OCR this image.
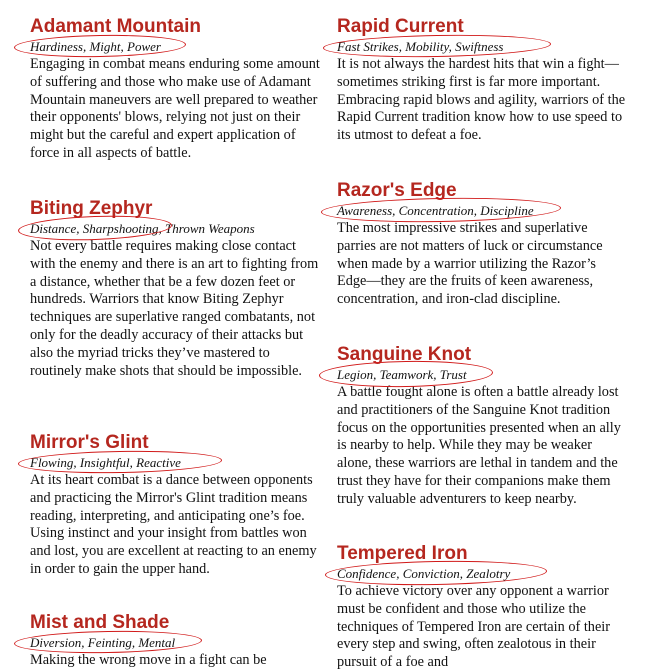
Adamant Mountain
Hardiness, Might, Power

Engaging in combat means enduring some amount of suffering and those who make use of Adamant Mountain maneuvers are well prepared to weather their opponents' blows, relying not just on their might but the careful and expert application of force in all aspects of battle.

Biting Zephyr
Distance, Sharpshooting, Thrown Weapons

Not every battle requires making close contact with the enemy and there is an art to fighting from a distance, whether that be a few dozen feet or hundreds. Warriors that know Biting Zephyr techniques are superlative ranged combatants, not only for the deadly accuracy of their attacks but also the myriad tricks they’ve mastered to routinely make shots that should be impossible.

Mirror's Glint
Flowing, Insightful, Reactive

At its heart combat is a dance between opponents and practicing the Mirror's Glint tradition means reading, interpreting, and anticipating one’s foe. Using instinct and your insight from battles won and lost, you are excellent at reacting to an enemy in order to gain the upper hand.

Mist and Shade
Diversion, Feinting, Mental

Making the wrong move in a fight can be

Rapid Current
Fast Strikes, Mobility, Swiftness

It is not always the hardest hits that win a fight—sometimes striking first is far more important. Embracing rapid blows and agility, warriors of the Rapid Current tradition know how to use speed to its utmost to defeat a foe.

Razor's Edge
Awareness, Concentration, Discipline

The most impressive strikes and superlative parries are not matters of luck or circumstance when made by a warrior utilizing the Razor’s Edge—they are the fruits of keen awareness, concentration, and iron-clad discipline.

Sanguine Knot
Legion, Teamwork, Trust

A battle fought alone is often a battle already lost and practitioners of the Sanguine Knot tradition focus on the opportunities presented when an ally is nearby to help. While they may be weaker alone, these warriors are lethal in tandem and the trust they have for their companions make them truly valuable adventurers to keep nearby.

Tempered Iron
Confidence, Conviction, Zealotry

To achieve victory over any opponent a warrior must be confident and those who utilize the techniques of Tempered Iron are certain of their every step and swing, often zealotous in their pursuit of a foe and
